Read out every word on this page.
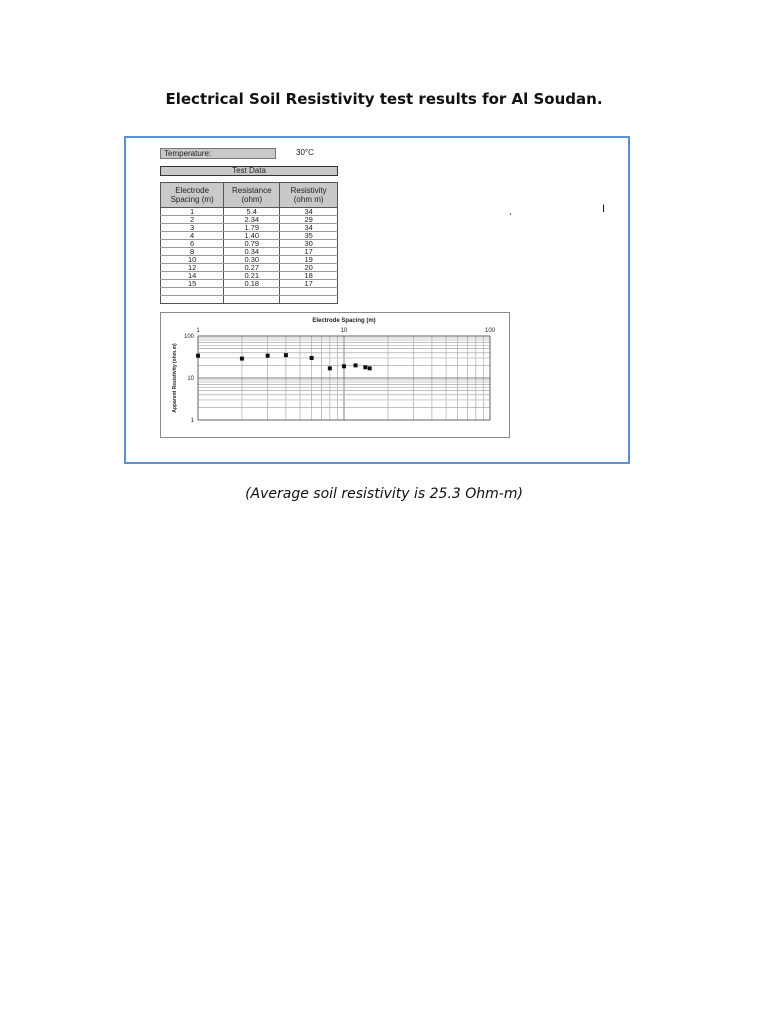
Electrical Soil Resistivity test results for Al Soudan.
Temperature:	30°C
Test Data
Electrode Spacing (m)	Resistance (ohm)	Resistivity (ohm m)
1	5.4	34
2	2.34	29
3	1.79	34
4	1.40	35
6	0.79	30
8	0.34	17
10	0.30	19
12	0.27	20
14	0.21	18
15	0.18	17

I
Electrode Spacing (m)
1	10	100
100
10
1
Apparent Resistivity (ohm.m)
(Average soil resistivity is 25.3 Ohm-m)
